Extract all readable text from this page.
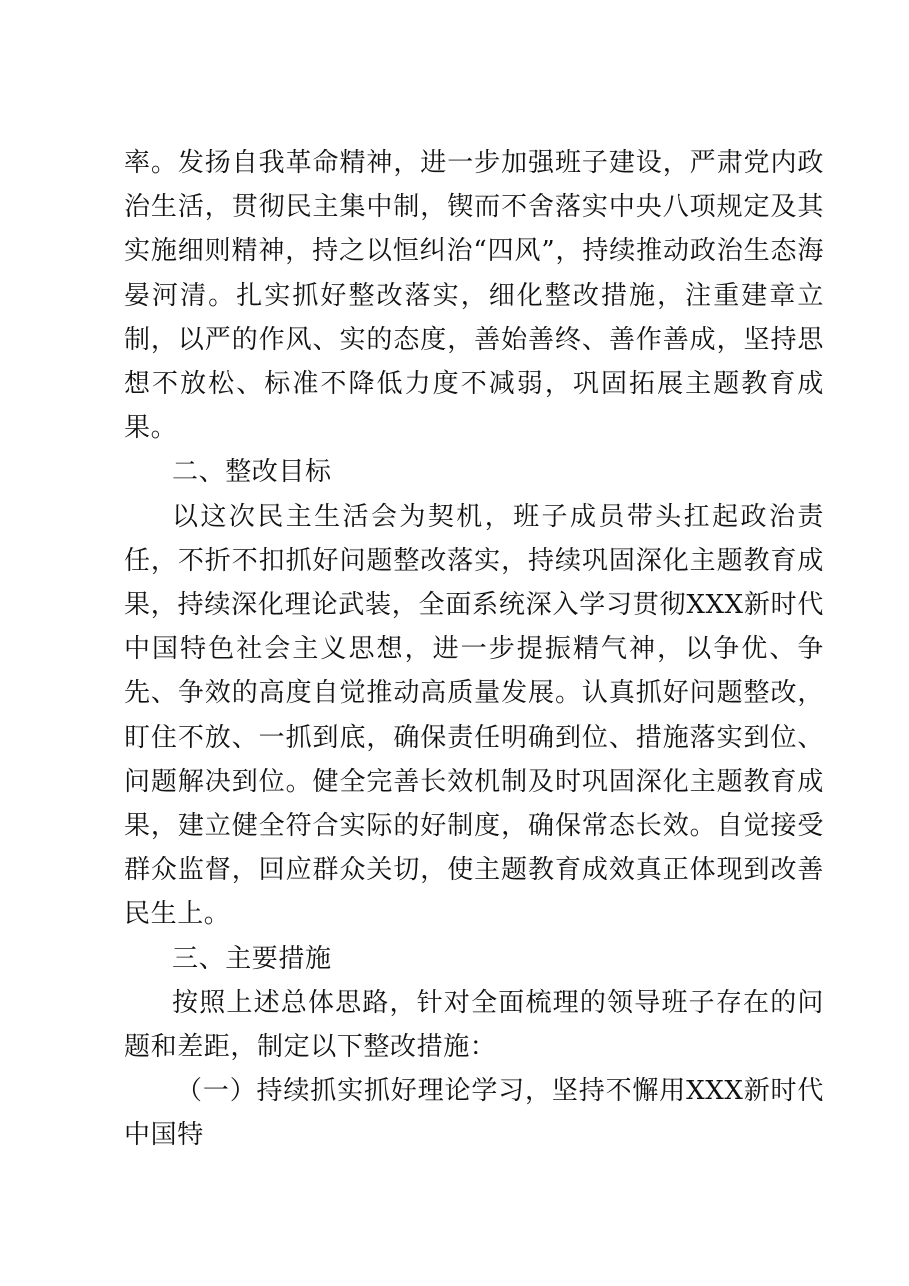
率。发扬自我革命精神，进一步加强班子建设，严肃党内政治生活，贯彻民主集中制，锲而不舍落实中央八项规定及其实施细则精神，持之以恒纠治“四风”，持续推动政治生态海晏河清。扎实抓好整改落实，细化整改措施，注重建章立制，以严的作风、实的态度，善始善终、善作善成，坚持思想不放松、标准不降低力度不减弱，巩固拓展主题教育成果。

二、整改目标

以这次民主生活会为契机，班子成员带头扛起政治责任，不折不扣抓好问题整改落实，持续巩固深化主题教育成果，持续深化理论武装，全面系统深入学习贯彻XXX新时代中国特色社会主义思想，进一步提振精气神，以争优、争先、争效的高度自觉推动高质量发展。认真抓好问题整改，盯住不放、一抓到底，确保责任明确到位、措施落实到位、问题解决到位。健全完善长效机制及时巩固深化主题教育成果，建立健全符合实际的好制度，确保常态长效。自觉接受群众监督，回应群众关切，使主题教育成效真正体现到改善民生上。

三、主要措施

按照上述总体思路，针对全面梳理的领导班子存在的问题和差距，制定以下整改措施：

（一）持续抓实抓好理论学习，坚持不懈用XXX新时代中国特
